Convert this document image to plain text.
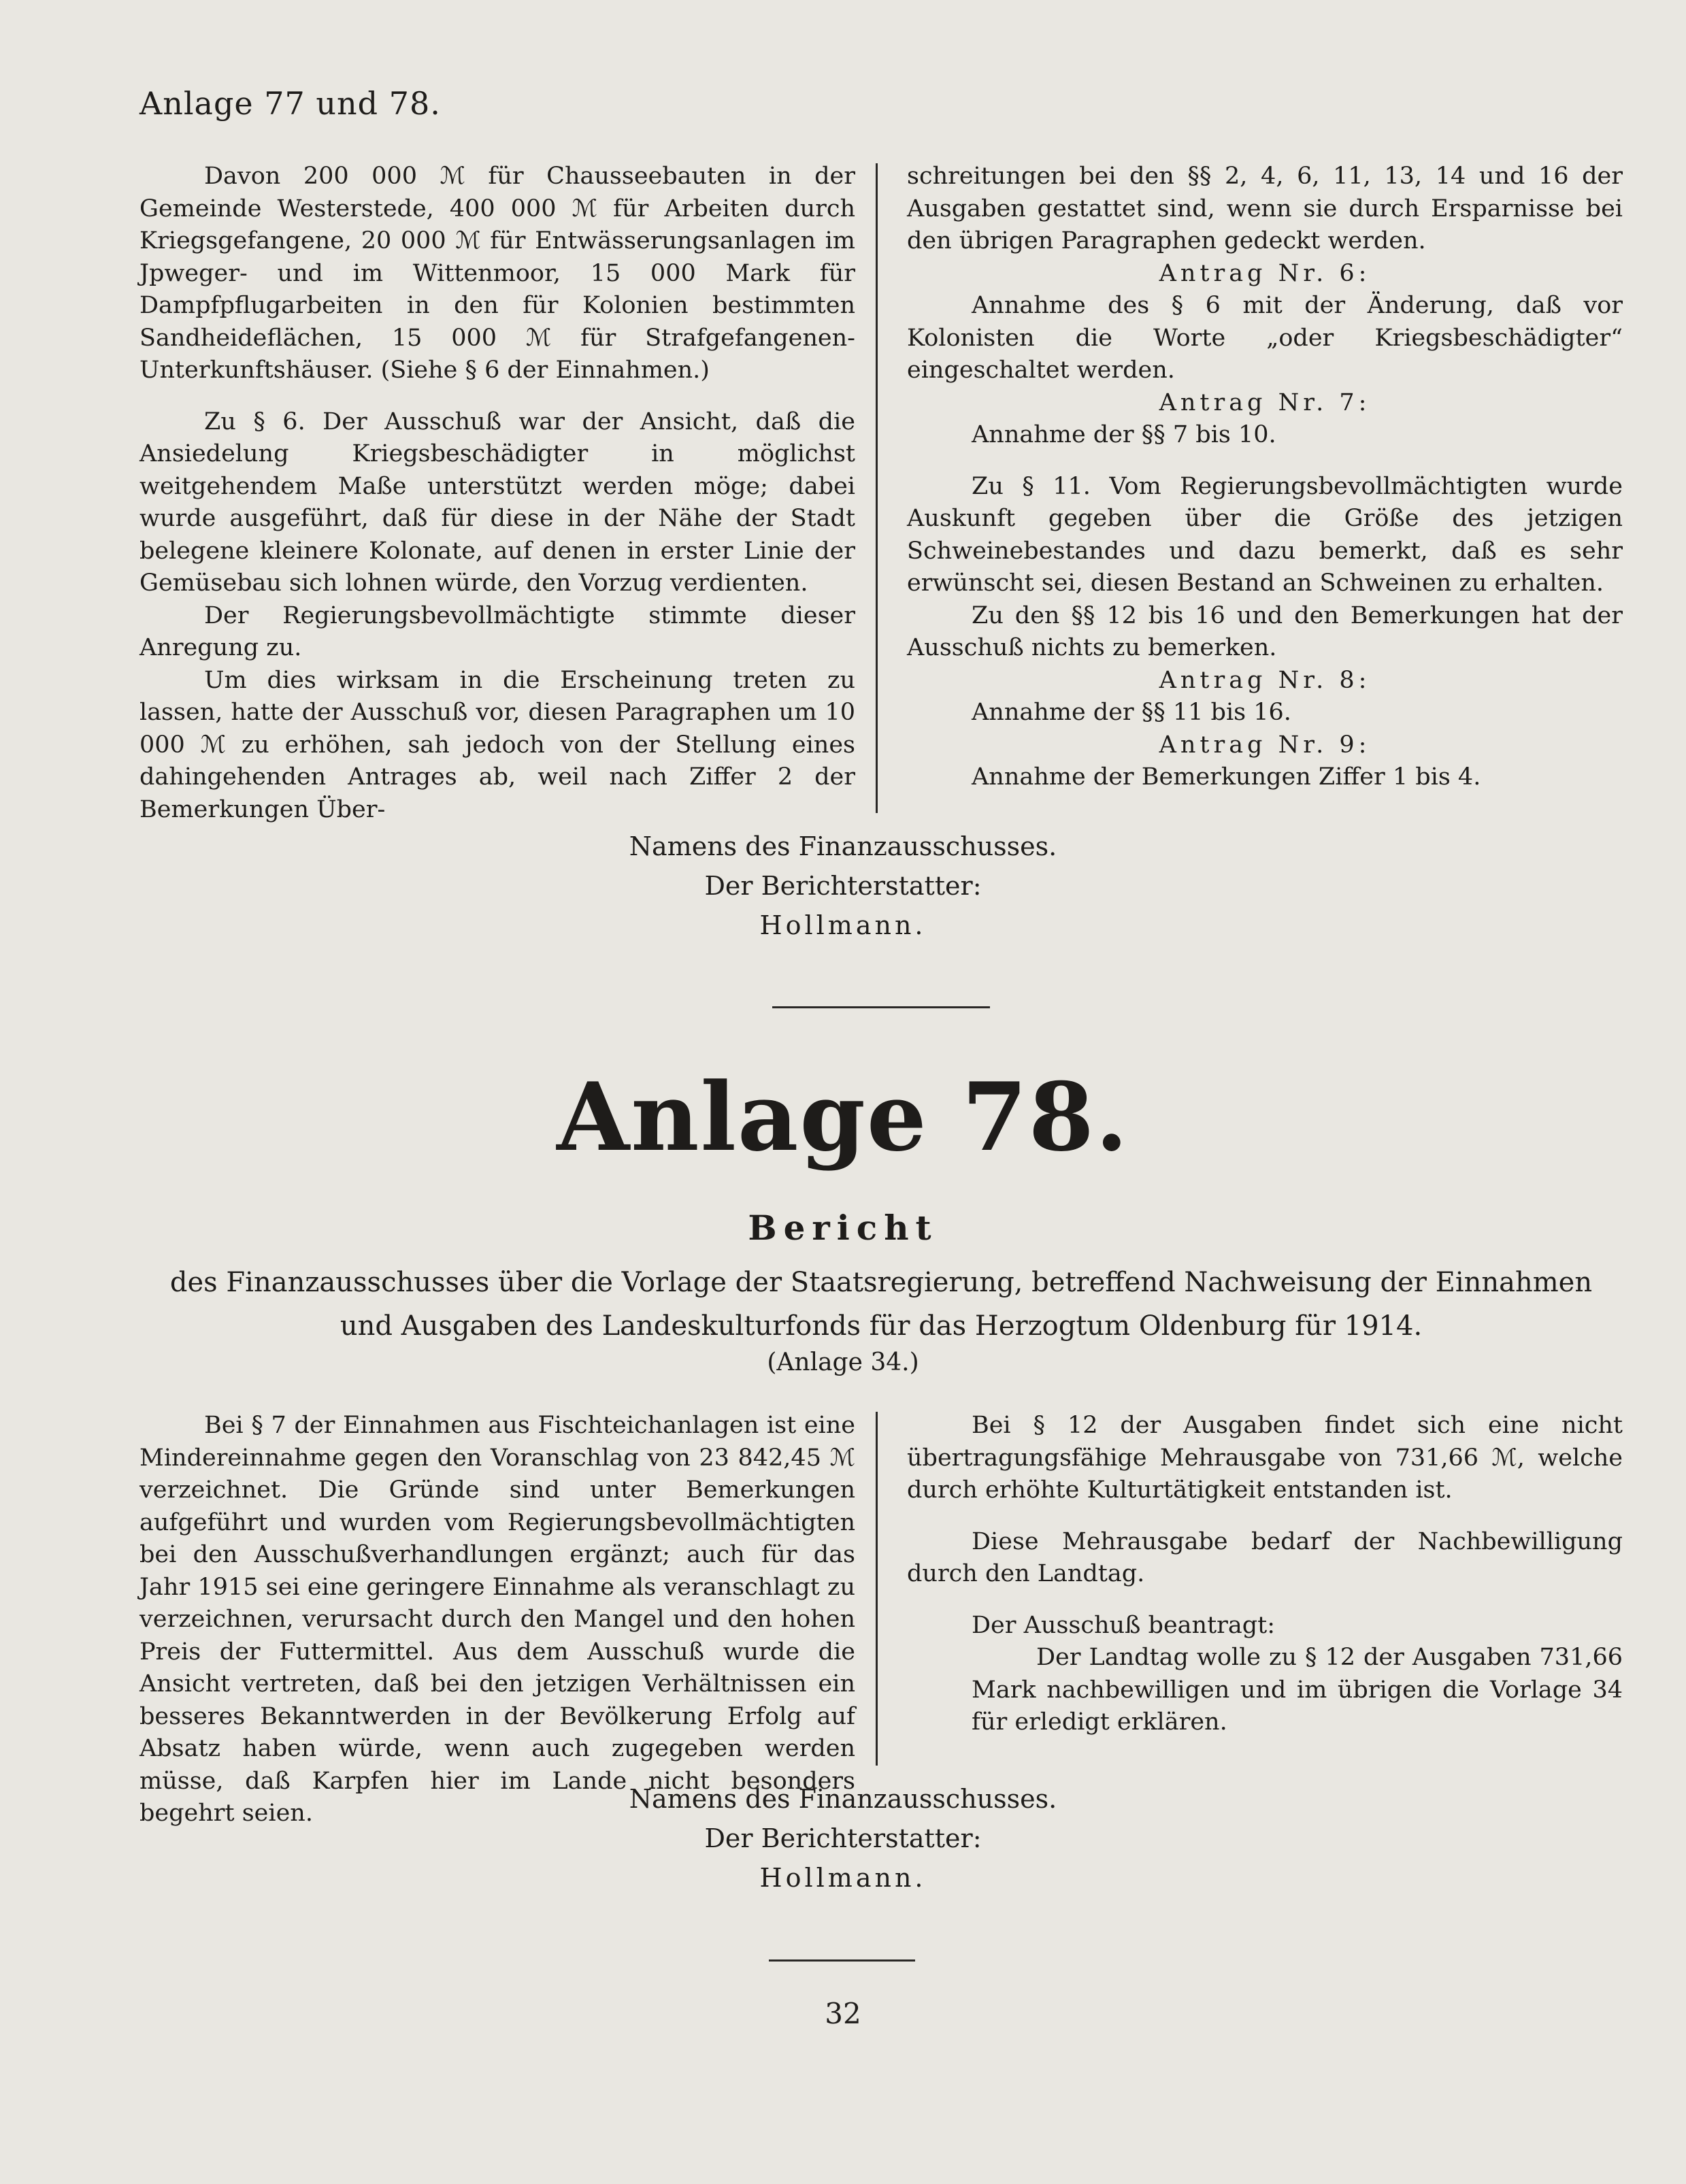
Anlage 77 und 78.

Davon 200 000 ℳ für Chausseebauten in der Gemeinde Westerstede, 400 000 ℳ für Arbeiten durch Kriegsgefangene, 20 000 ℳ für Entwässerungsanlagen im Jpweger- und im Wittenmoor, 15 000 Mark für Dampfpflugarbeiten in den für Kolonien bestimmten Sandheideflächen, 15 000 ℳ für Strafgefangenen-Unterkunftshäuser. (Siehe § 6 der Einnahmen.)

Zu § 6. Der Ausschuß war der Ansicht, daß die Ansiedelung Kriegsbeschädigter in möglichst weitgehendem Maße unterstützt werden möge; dabei wurde ausgeführt, daß für diese in der Nähe der Stadt belegene kleinere Kolonate, auf denen in erster Linie der Gemüsebau sich lohnen würde, den Vorzug verdienten.

Der Regierungsbevollmächtigte stimmte dieser Anregung zu.

Um dies wirksam in die Erscheinung treten zu lassen, hatte der Ausschuß vor, diesen Paragraphen um 10 000 ℳ zu erhöhen, sah jedoch von der Stellung eines dahingehenden Antrages ab, weil nach Ziffer 2 der Bemerkungen Über-

schreitungen bei den §§ 2, 4, 6, 11, 13, 14 und 16 der Ausgaben gestattet sind, wenn sie durch Ersparnisse bei den übrigen Paragraphen gedeckt werden.

Antrag Nr. 6:

Annahme des § 6 mit der Änderung, daß vor Kolonisten die Worte „oder Kriegsbeschädigter“ eingeschaltet werden.

Antrag Nr. 7:

Annahme der §§ 7 bis 10.

Zu § 11. Vom Regierungsbevollmächtigten wurde Auskunft gegeben über die Größe des jetzigen Schweinebestandes und dazu bemerkt, daß es sehr erwünscht sei, diesen Bestand an Schweinen zu erhalten.

Zu den §§ 12 bis 16 und den Bemerkungen hat der Ausschuß nichts zu bemerken.

Antrag Nr. 8:

Annahme der §§ 11 bis 16.

Antrag Nr. 9:

Annahme der Bemerkungen Ziffer 1 bis 4.

Namens des Finanzausschusses.
Der Berichterstatter:
Hollmann.
Anlage 78.
Bericht
des Finanzausschusses über die Vorlage der Staatsregierung, betreffend Nachweisung der Einnahmen und Ausgaben des Landeskulturfonds für das Herzogtum Oldenburg für 1914.
(Anlage 34.)

Bei § 7 der Einnahmen aus Fischteichanlagen ist eine Mindereinnahme gegen den Voranschlag von 23 842,45 ℳ verzeichnet. Die Gründe sind unter Bemerkungen aufgeführt und wurden vom Regierungsbevollmächtigten bei den Ausschußverhandlungen ergänzt; auch für das Jahr 1915 sei eine geringere Einnahme als veranschlagt zu verzeichnen, verursacht durch den Mangel und den hohen Preis der Futtermittel. Aus dem Ausschuß wurde die Ansicht vertreten, daß bei den jetzigen Verhältnissen ein besseres Bekanntwerden in der Bevölkerung Erfolg auf Absatz haben würde, wenn auch zugegeben werden müsse, daß Karpfen hier im Lande nicht besonders begehrt seien.

Bei § 12 der Ausgaben findet sich eine nicht übertragungsfähige Mehrausgabe von 731,66 ℳ, welche durch erhöhte Kulturtätigkeit entstanden ist.

Diese Mehrausgabe bedarf der Nachbewilligung durch den Landtag.

Der Ausschuß beantragt:

Der Landtag wolle zu § 12 der Ausgaben 731,66 Mark nachbewilligen und im übrigen die Vorlage 34 für erledigt erklären.

Namens des Finanzausschusses.
Der Berichterstatter:
Hollmann.
32
